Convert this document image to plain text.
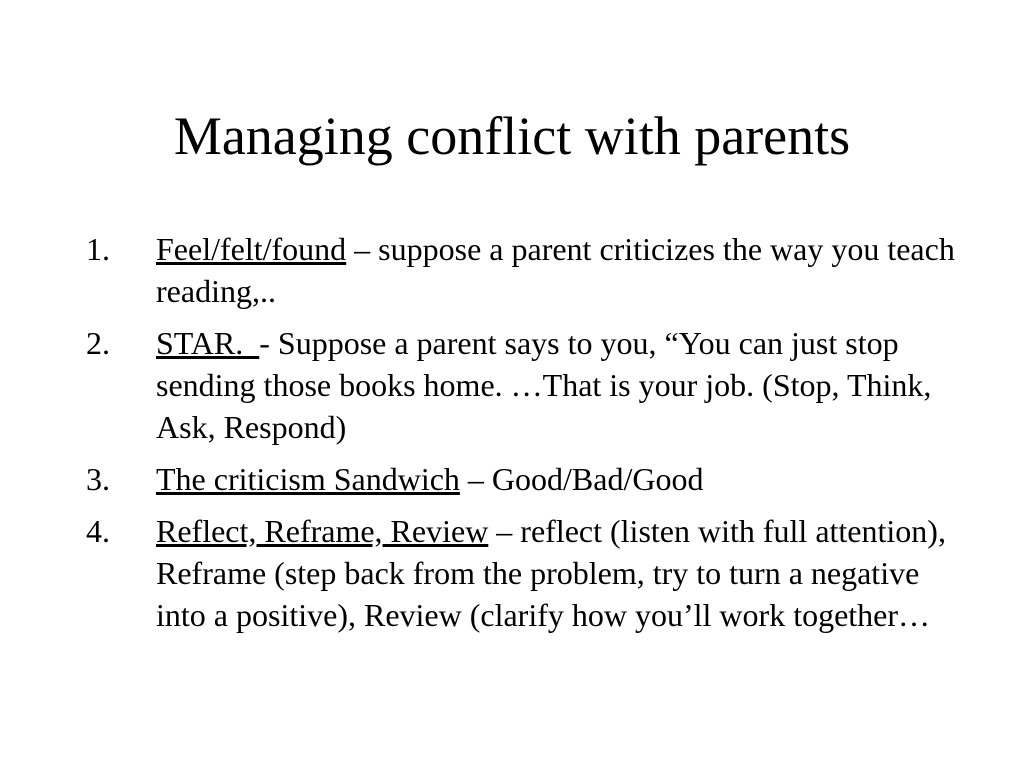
Managing conflict with parents
1. Feel/felt/found – suppose a parent criticizes the way you teach reading,..
2. STAR.  - Suppose a parent says to you, “You can just stop sending those books home. …That is your job. (Stop, Think, Ask, Respond)
3. The criticism Sandwich – Good/Bad/Good
4. Reflect, Reframe, Review – reflect (listen with full attention), Reframe (step back from the problem, try to turn a negative into a positive), Review (clarify how you’ll work together…
